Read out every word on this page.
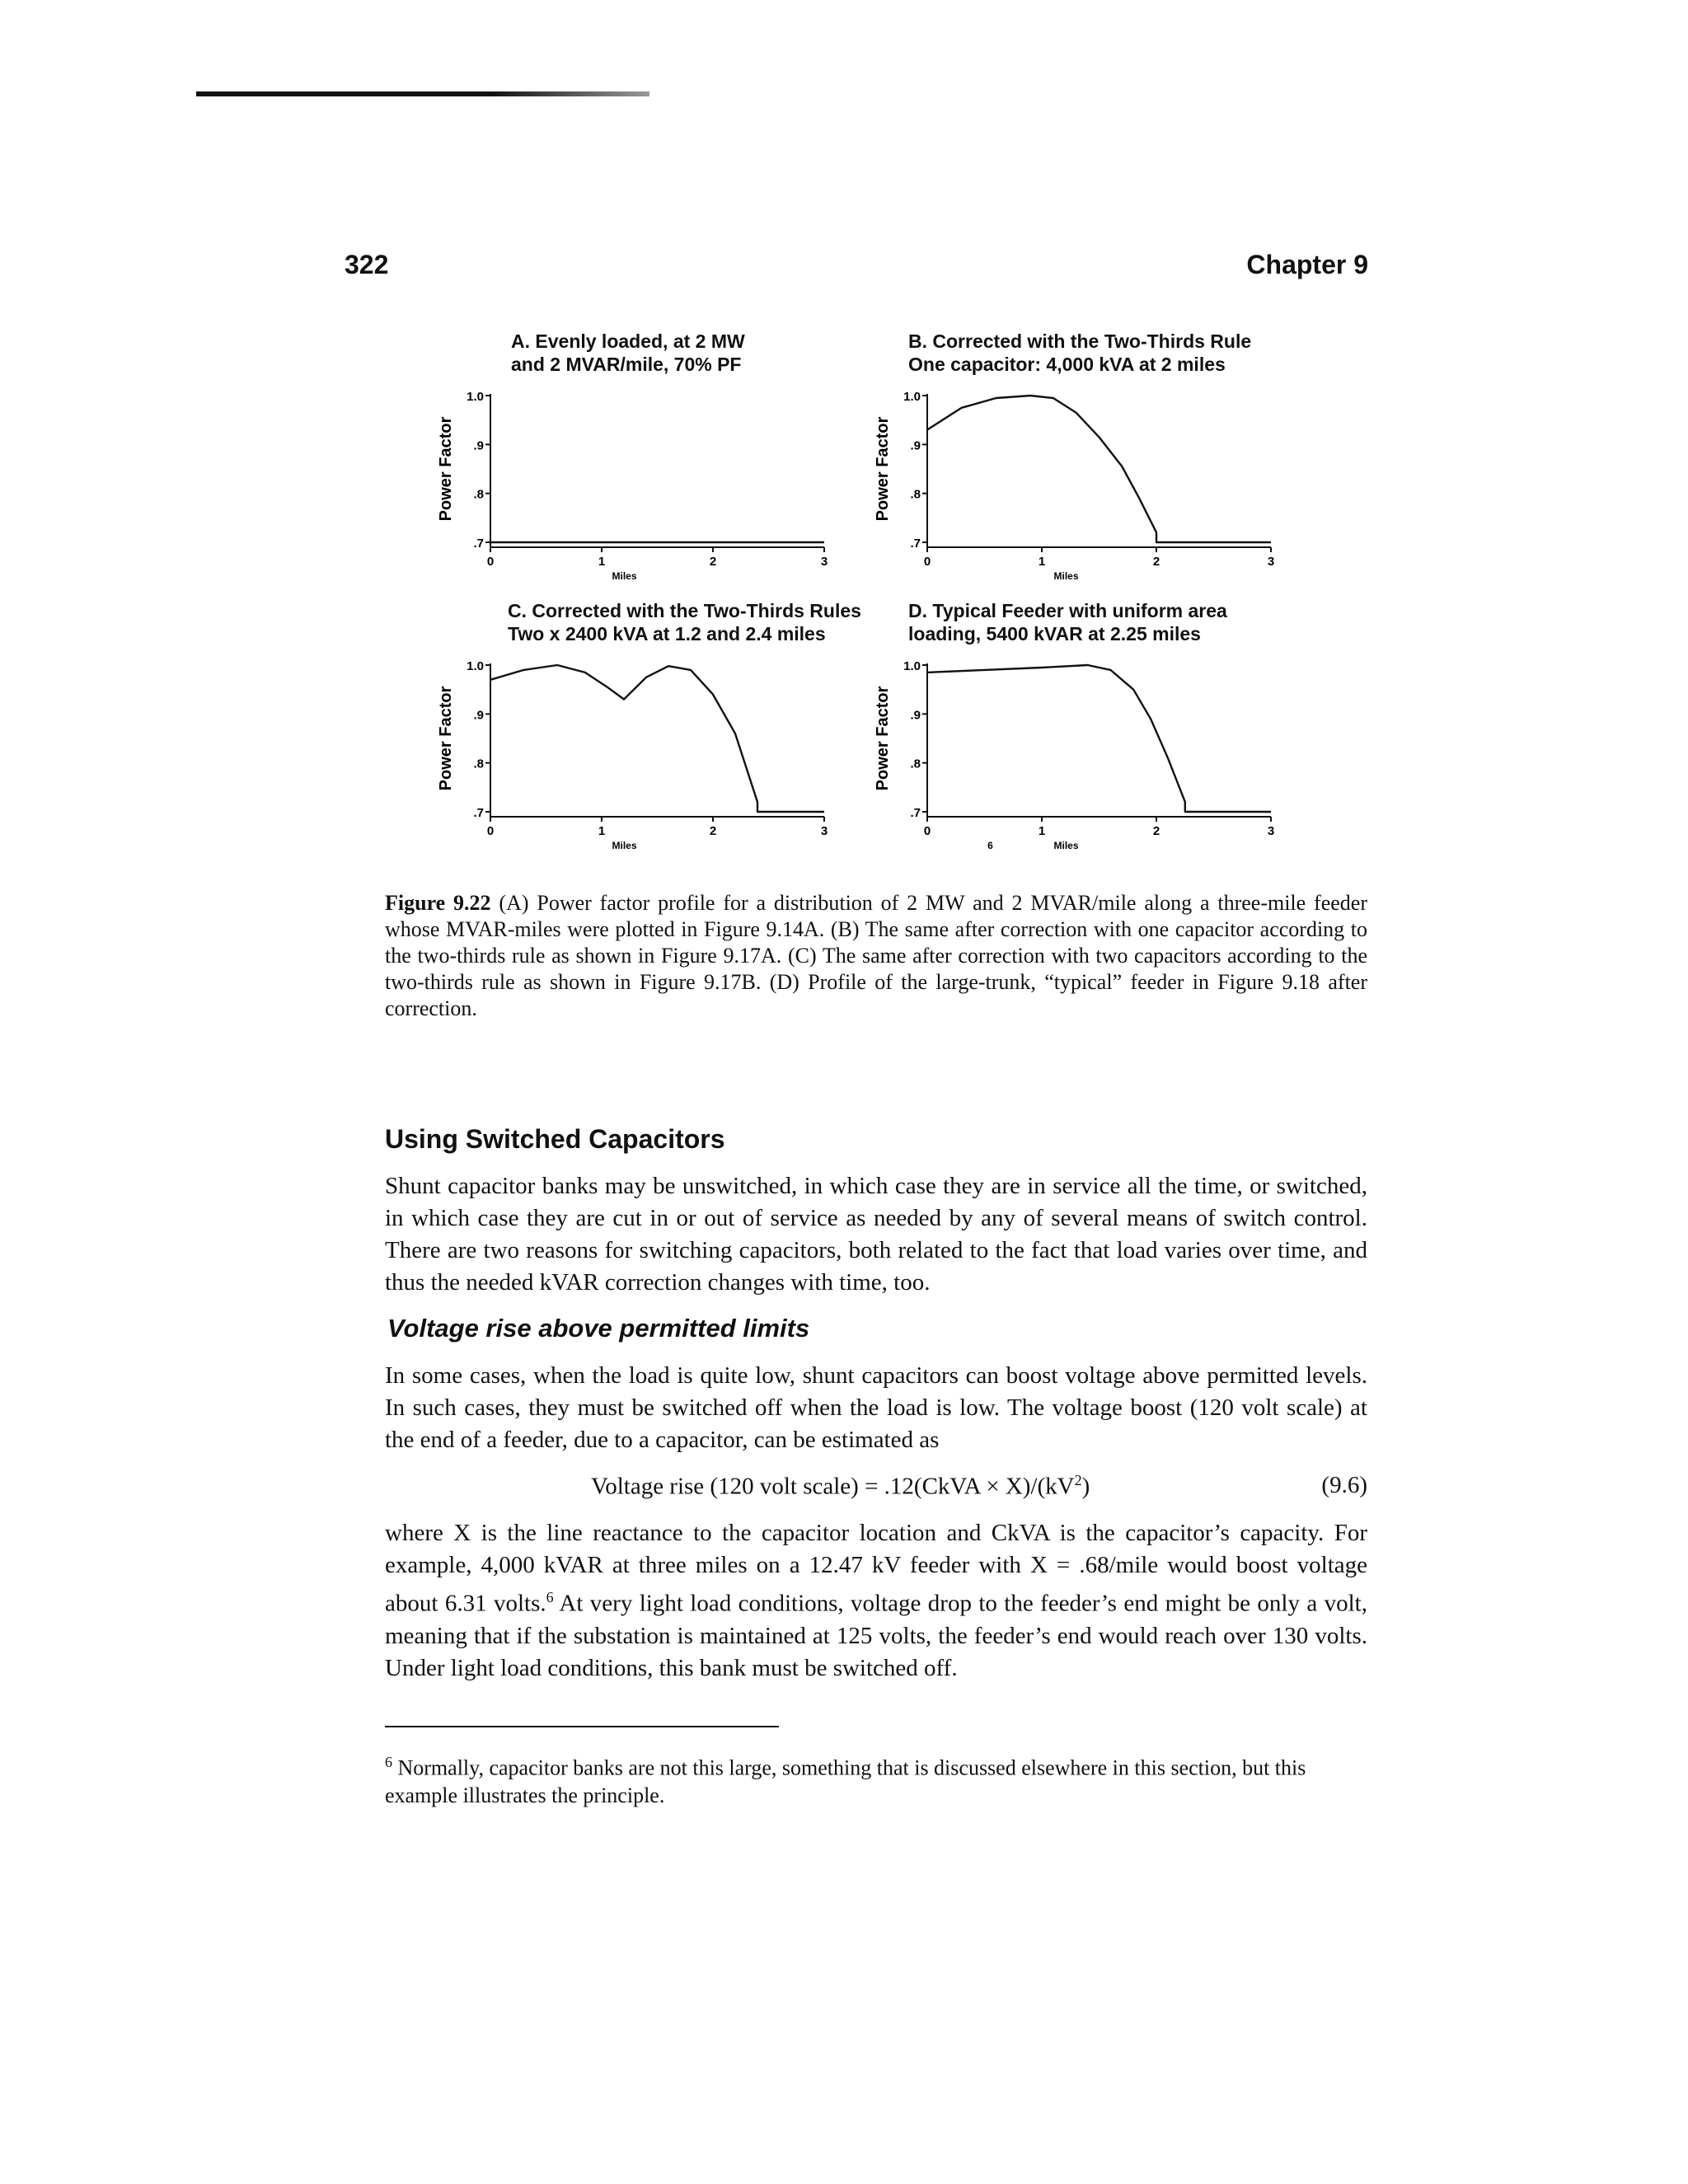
322	Chapter 9
A. Evenly loaded, at 2 MW
and 2 MVAR/mile, 70% PF
.7
.8
.9
1.0
0	1	2	3
Miles
Power Factor
B. Corrected with the Two-Thirds Rule
One capacitor: 4,000 kVA at 2 miles
.7
.8
.9
1.0
0	1	2	3
Miles
Power Factor
C. Corrected with the Two-Thirds Rules
Two x 2400 kVA at 1.2 and 2.4 miles
.7
.8
.9
1.0
0	1	2	3
Miles
Power Factor
D. Typical Feeder with uniform area
loading, 5400 kVAR at 2.25 miles
.7
.8
.9
1.0
0	1	2	3
Miles
Power Factor
6
Figure 9.22 (A) Power factor profile for a distribution of 2 MW and 2 MVAR/mile along a three-mile feeder whose MVAR-miles were plotted in Figure 9.14A. (B) The same after correction with one capacitor according to the two-thirds rule as shown in Figure 9.17A. (C) The same after correction with two capacitors according to the two-thirds rule as shown in Figure 9.17B. (D) Profile of the large-trunk, “typical” feeder in Figure 9.18 after correction.
Using Switched Capacitors
Shunt capacitor banks may be unswitched, in which case they are in service all the time, or switched, in which case they are cut in or out of service as needed by any of several means of switch control. There are two reasons for switching capacitors, both related to the fact that load varies over time, and thus the needed kVAR correction changes with time, too.
Voltage rise above permitted limits
In some cases, when the load is quite low, shunt capacitors can boost voltage above permitted levels. In such cases, they must be switched off when the load is low. The voltage boost (120 volt scale) at the end of a feeder, due to a capacitor, can be estimated as
Voltage rise (120 volt scale) = .12(CkVA × $X)/(kV^2)$	(9.6)
where X is the line reactance to the capacitor location and CkVA is the capacitor’s capacity. For example, 4,000 kVAR at three miles on a 12.47 kV feeder with X = .68/mile would boost voltage about 6.31 volts.$^6$ At very light load conditions, voltage drop to the feeder’s end might be only a volt, meaning that if the substation is maintained at 125 volts, the feeder’s end would reach over 130 volts. Under light load conditions, this bank must be switched off.
$^6$ Normally, capacitor banks are not this large, something that is discussed elsewhere in this section, but this example illustrates the principle.
